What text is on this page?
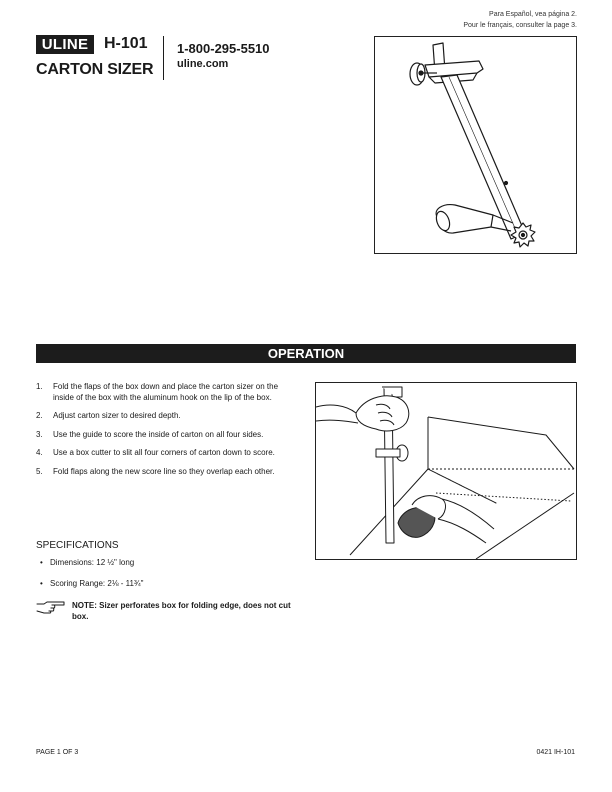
Para Español, vea página 2.
Pour le français, consulter la page 3.
ULINE H-101
CARTON SIZER
1-800-295-5510
uline.com
OPERATION
1. Fold the flaps of the box down and place the carton sizer on the inside of the box with the aluminum hook on the lip of the box.
2. Adjust carton sizer to desired depth.
3. Use the guide to score the inside of carton on all four sides.
4. Use a box cutter to slit all four corners of carton down to score.
5. Fold flaps along the new score line so they overlap each other.
SPECIFICATIONS
• Dimensions: 12 ½" long
• Scoring Range: 2⅛ - 11¾"
NOTE: Sizer perforates box for folding edge, does not cut box.
PAGE 1 OF 3	0421 IH-101
